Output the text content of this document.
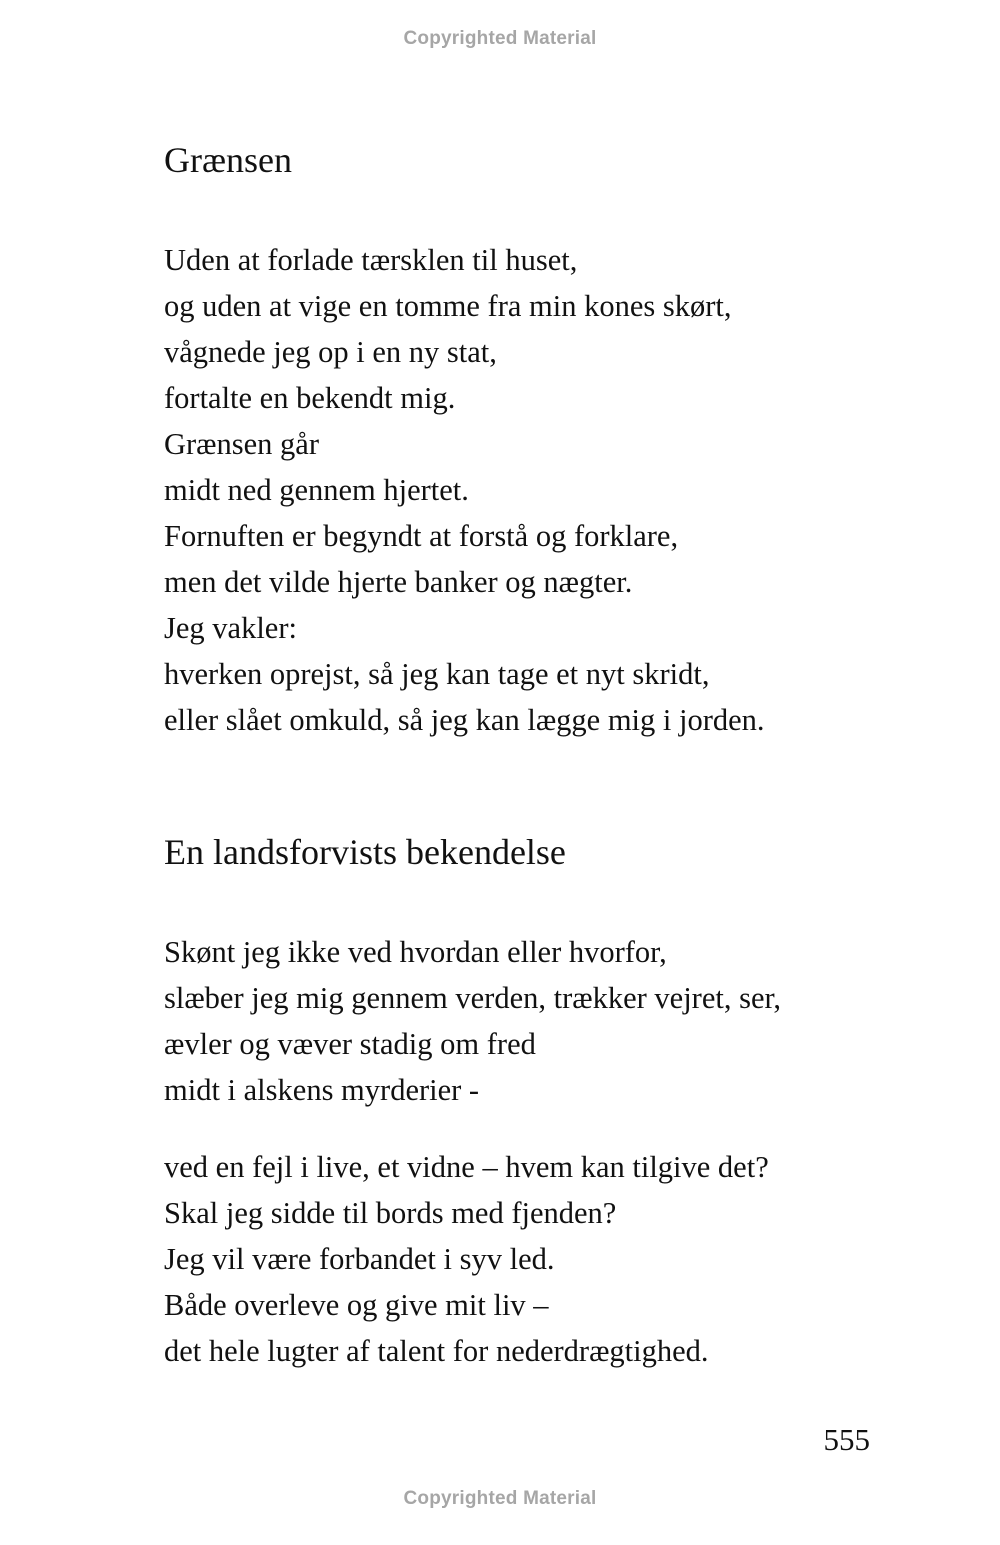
Copyrighted Material
Grænsen
Uden at forlade tærsklen til huset,
og uden at vige en tomme fra min kones skørt,
vågnede jeg op i en ny stat,
fortalte en bekendt mig.
Grænsen går
midt ned gennem hjertet.
Fornuften er begyndt at forstå og forklare,
men det vilde hjerte banker og nægter.
Jeg vakler:
hverken oprejst, så jeg kan tage et nyt skridt,
eller slået omkuld, så jeg kan lægge mig i jorden.
En landsforvists bekendelse
Skønt jeg ikke ved hvordan eller hvorfor,
slæber jeg mig gennem verden, trækker vejret, ser,
ævler og væver stadig om fred
midt i alskens myrderier -
ved en fejl i live, et vidne – hvem kan tilgive det?
Skal jeg sidde til bords med fjenden?
Jeg vil være forbandet i syv led.
Både overleve og give mit liv –
det hele lugter af talent for nederdrægtighed.
555
Copyrighted Material
